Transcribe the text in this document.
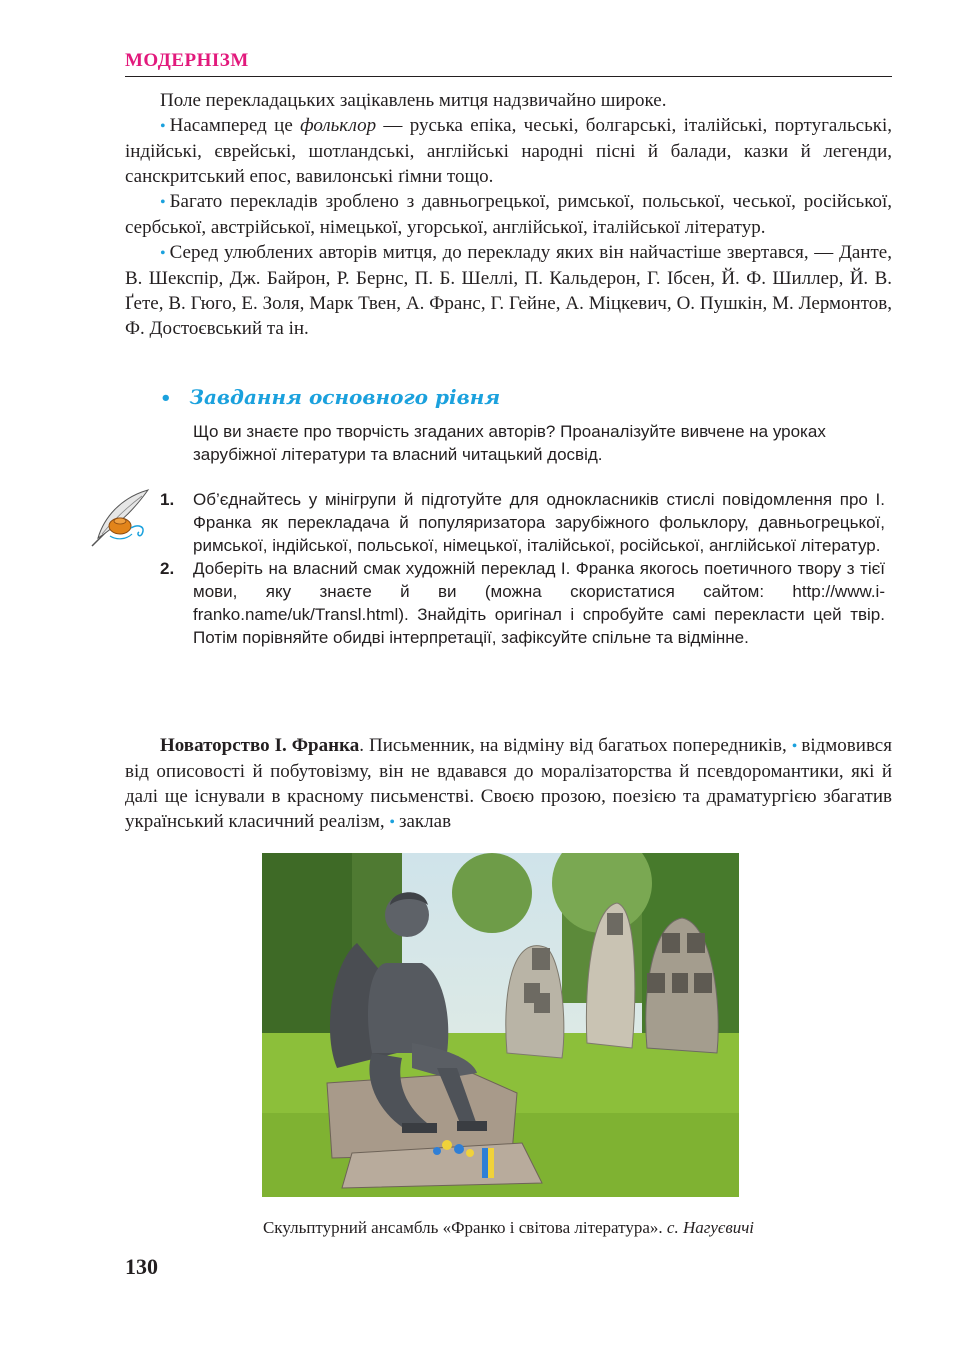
МОДЕРНІЗМ

Поле перекладацьких зацікавлень митця надзвичайно широке.

• Насамперед це фольклор — руська епіка, чеські, болгарські, італійські, португальські, індійські, єврейські, шотландські, англійські народні пісні й балади, казки й легенди, санскритський епос, вавилонські ґімни тощо.

• Багато перекладів зроблено з давньогрецької, римської, польської, чеської, російської, сербської, австрійської, німецької, угорської, англійської, італійської літератур.

• Серед улюблених авторів митця, до перекладу яких він найчастіше звертався, — Данте, В. Шекспір, Дж. Байрон, Р. Бернс, П. Б. Шеллі, П. Кальдерон, Г. Ібсен, Й. Ф. Шиллер, Й. В. Ґете, В. Гюго, Е. Золя, Марк Твен, А. Франс, Г. Гейне, А. Міцкевич, О. Пушкін, М. Лермонтов, Ф. Достоєвський та ін.

• Завдання основного рівня
Що ви знаєте про творчість згаданих авторів? Проаналізуйте вивчене на уроках зарубіжної літератури та власний читацький досвід.
1.	Об’єднайтесь у мінігрупи й підготуйте для однокласників стислі повідомлення про І. Франка як перекладача й популяризатора зарубіжного фольклору, давньогрецької, римської, індійської, польської, німецької, італійської, російської, англійської літератур.
2.	Доберіть на власний смак художній переклад І. Франка якогось поетичного твору з тієї мови, яку знаєте й ви (можна скористатися сайтом: http://www.i-franko.name/uk/Transl.html). Знайдіть оригінал і спробуйте самі перекласти цей твір. Потім порівняйте обидві інтерпретації, зафіксуйте спільне та відмінне.

Новаторство І. Франка. Письменник, на відміну від багатьох попередників, • відмовився від описовості й побутовізму, він не вдавався до моралізаторства й псевдоромантики, які й далі ще існували в красному письменстві. Своєю прозою, поезією та драматургією збагатив український класичний реалізм, • заклав

Скульптурний ансамбль «Франко і світова література». с. Нагуєвичі
130
